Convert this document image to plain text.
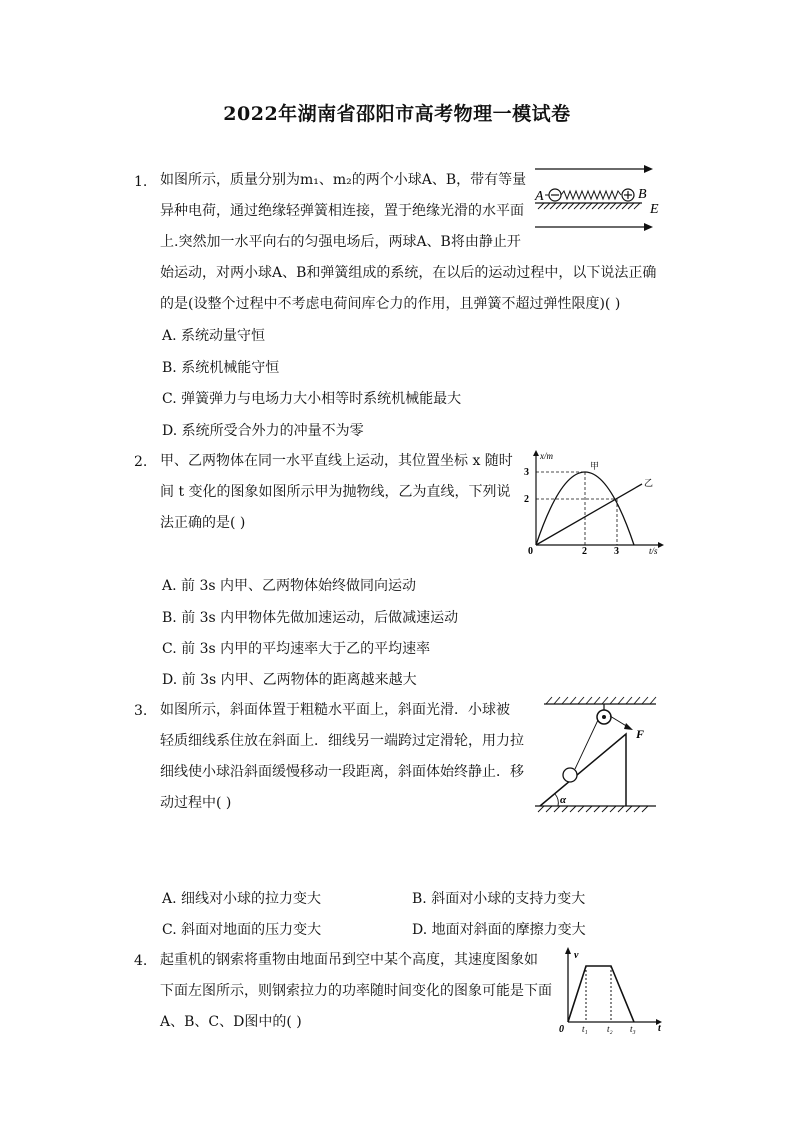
2022年湖南省邵阳市高考物理一模试卷
1. 如图所示，质量分别为m₁、m₂的两个小球A、B，带有等量
异种电荷，通过绝缘轻弹簧相连接，置于绝缘光滑的水平面
上.突然加一水平向右的匀强电场后，两球A、B将由静止开
始运动，对两小球A、B和弹簧组成的系统，在以后的运动过程中，以下说法正确
的是(设整个过程中不考虑电荷间库仑力的作用，且弹簧不超过弹性限度)( )
A. 系统动量守恒
B. 系统机械能守恒
C. 弹簧弹力与电场力大小相等时系统机械能最大
D. 系统所受合外力的冲量不为零
A	B
E
2. 甲、乙两物体在同一水平直线上运动，其位置坐标 x 随时
间 t 变化的图象如图所示甲为抛物线，乙为直线，下列说
法正确的是( )
A. 前 3s 内甲、乙两物体始终做同向运动
B. 前 3s 内甲物体先做加速运动，后做减速运动
C. 前 3s 内甲的平均速率大于乙的平均速率
D. 前 3s 内甲、乙两物体的距离越来越大
x/m
t/s
3
2
0	2	3
甲
乙
3. 如图所示，斜面体置于粗糙水平面上，斜面光滑．小球被
轻质细线系住放在斜面上．细线另一端跨过定滑轮，用力拉
细线使小球沿斜面缓慢移动一段距离，斜面体始终静止．移
动过程中( )
A. 细线对小球的拉力变大	B. 斜面对小球的支持力变大
C. 斜面对地面的压力变大	D. 地面对斜面的摩擦力变大
α
F
4. 起重机的钢索将重物由地面吊到空中某个高度，其速度图象如
下面左图所示，则钢索拉力的功率随时间变化的图象可能是下面
A、B、C、D图中的( )
v
t
0 t₁ t₂ t₃
